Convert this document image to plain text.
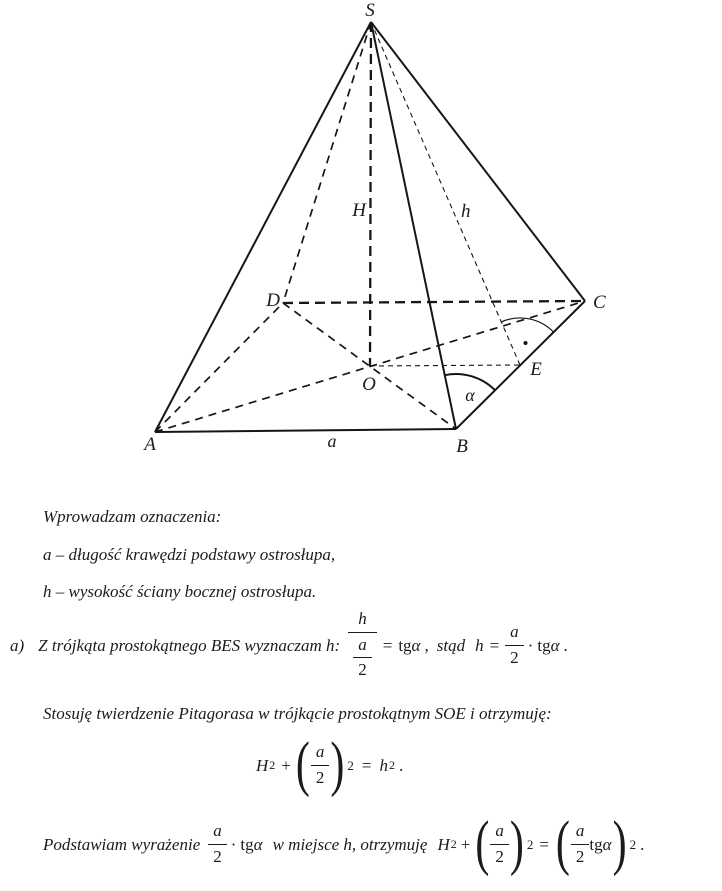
S
A	B
C
D
O
E
H	h
a
α
Wprowadzam oznaczenia:
a – długość krawędzi podstawy ostrosłupa,
h – wysokość ściany bocznej ostrosłupa.
a) Z trójkąta prostokątnego BES wyznaczam h: $\frac{h}{\frac{a}{2}}$ = tg α , stąd $h = \frac{a}{2}$ · tg α .
Stosuję twierdzenie Pitagorasa w trójkącie prostokątnym SOE i otrzymuję:
H 2 + ( $\frac{a}{2}$ ) 2 = h 2 .
Podstawiam wyrażenie $\frac{a}{2}$ · tg α w miejsce h, otrzymuję H 2 + ( $\frac{a}{2}$ ) 2 = ( $\frac{a}{2}$ tg α ) 2 .
